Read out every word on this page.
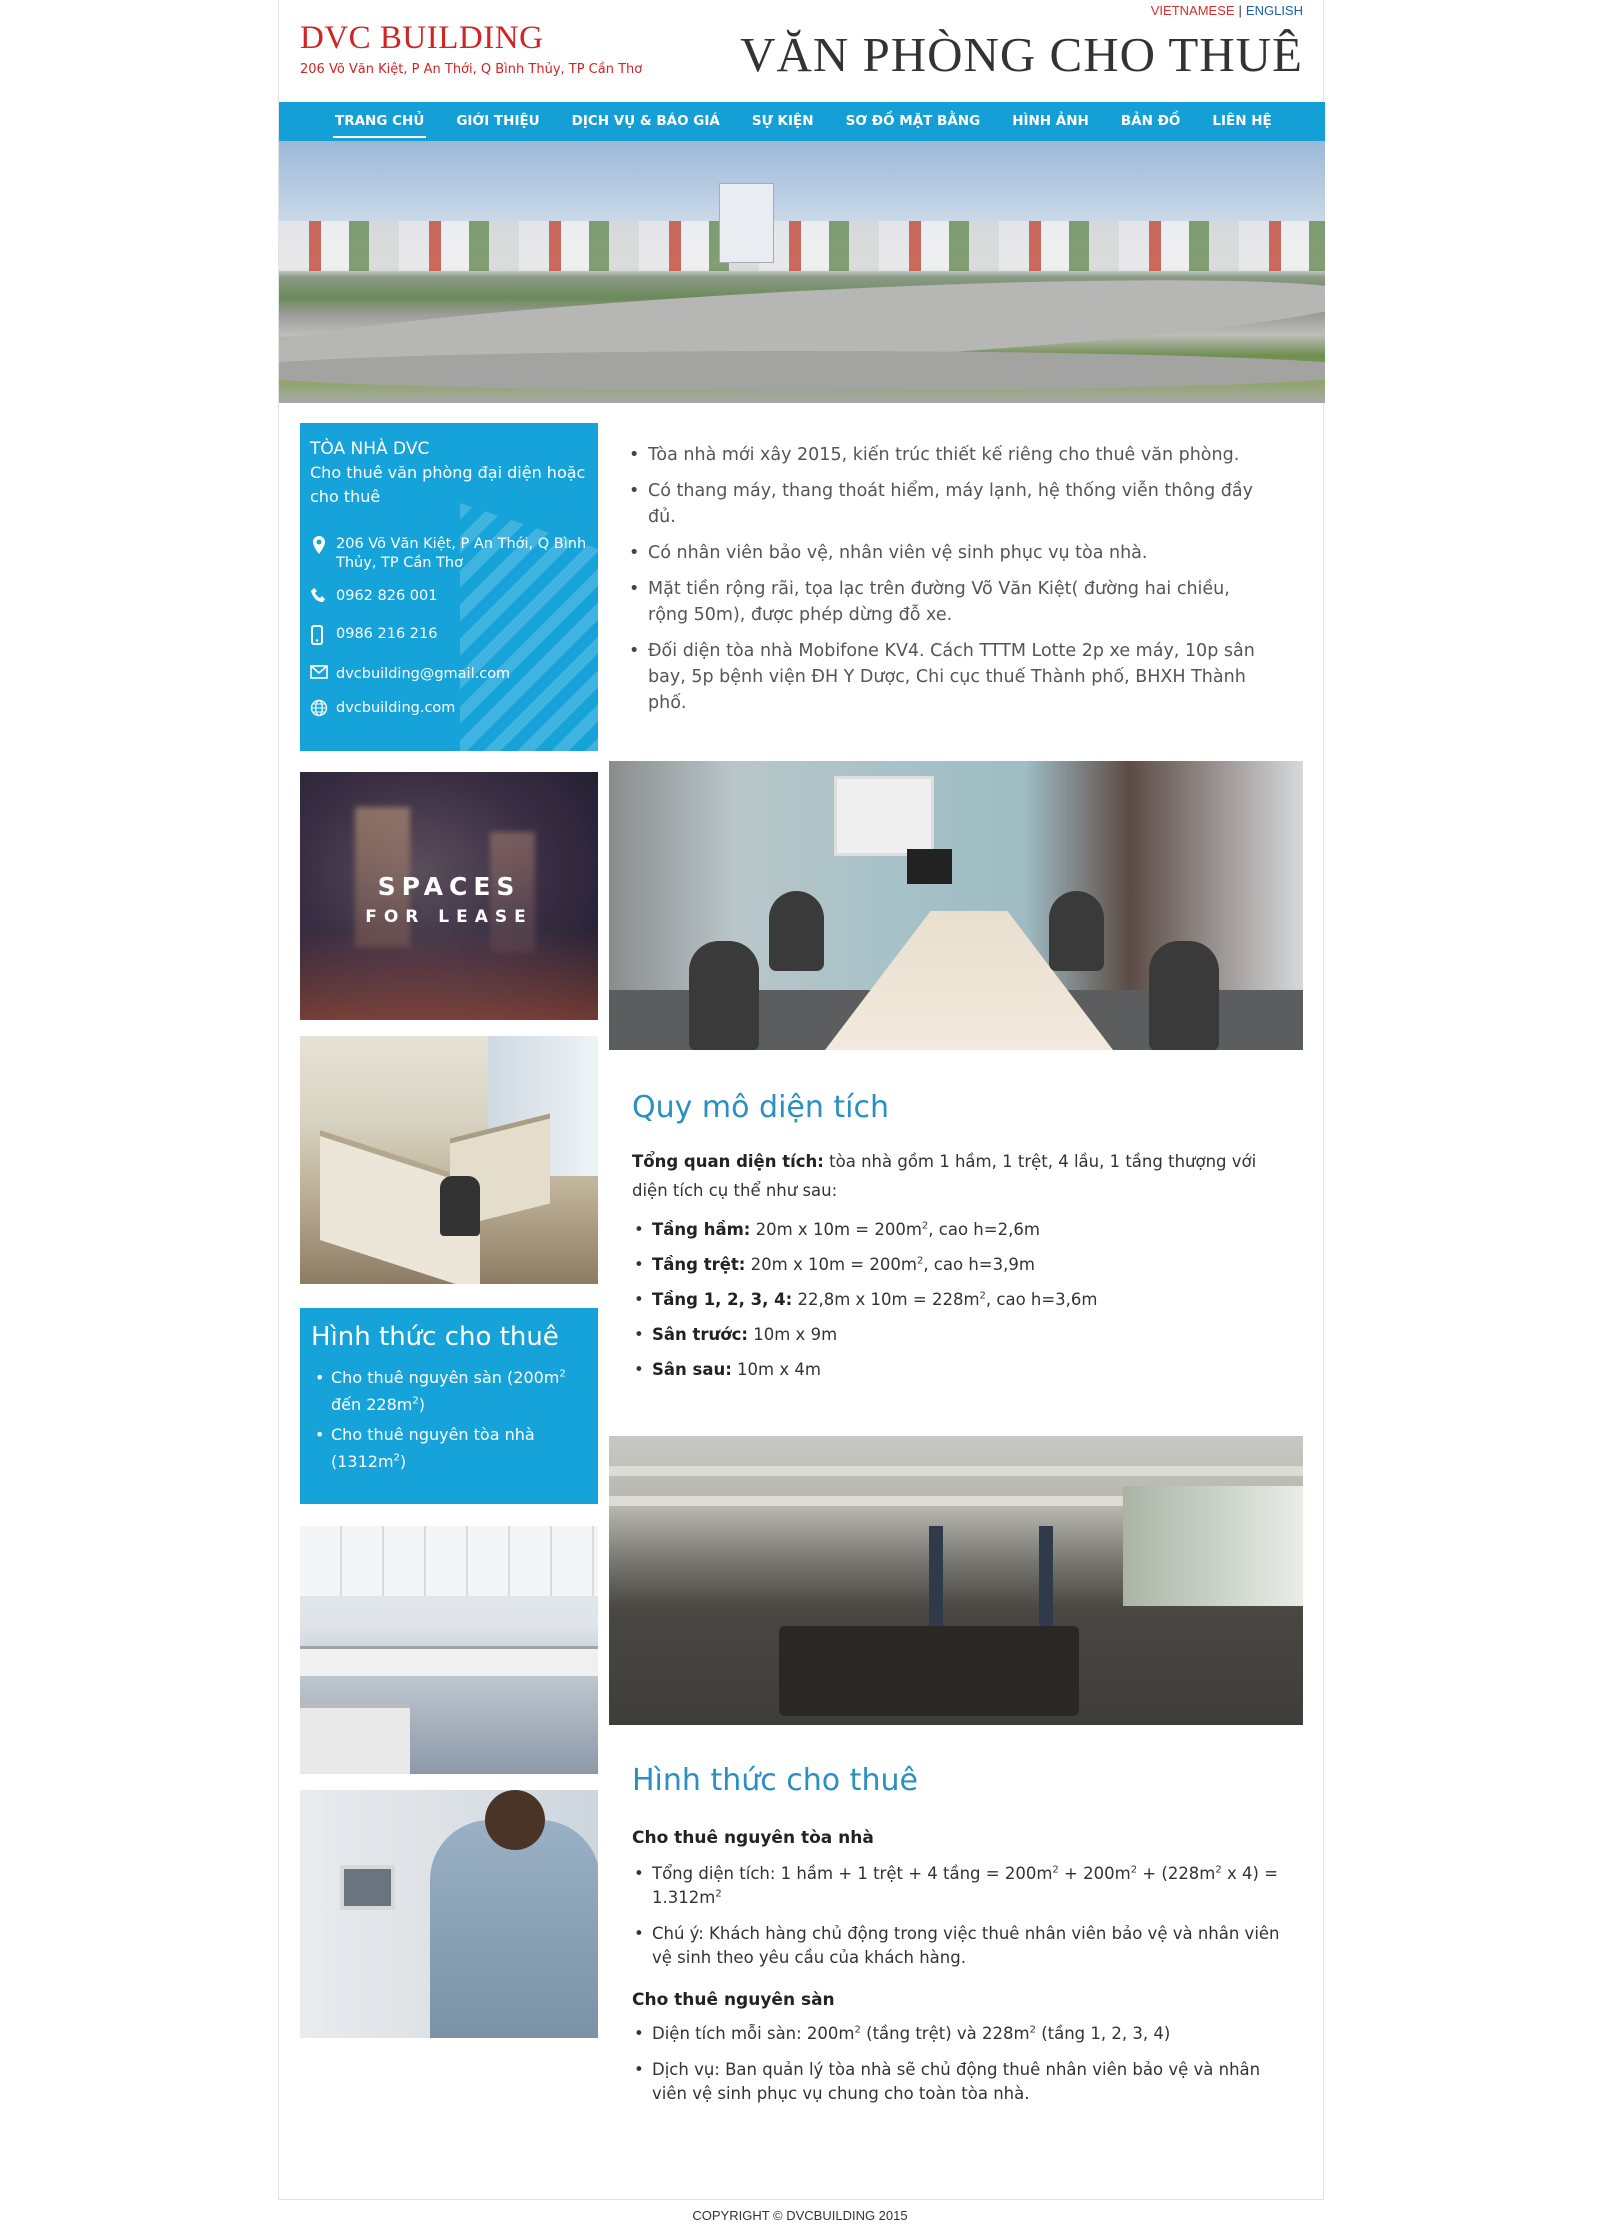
VIETNAMESE | ENGLISH
DVC BUILDING
206 Võ Văn Kiệt, P An Thới, Q Bình Thủy, TP Cần Thơ VĂN PHÒNG CHO THUÊ
TRANG CHỦ	GIỚI THIỆU	DỊCH VỤ & BÁO GIÁ	SỰ KIỆN	SƠ ĐỒ MẶT BẰNG	HÌNH ẢNH	BẢN ĐỒ	LIÊN HỆ
TÒA NHÀ DVC
Cho thuê văn phòng đại diện hoặc cho thuê
206 Võ Văn Kiệt, P An Thới, Q Bình Thủy, TP Cần Thơ
0962 826 001
0986 216 216
dvcbuilding@gmail.com
dvcbuilding.com
• Tòa nhà mới xây 2015, kiến trúc thiết kế riêng cho thuê văn phòng.
• Có thang máy, thang thoát hiểm, máy lạnh, hệ thống viễn thông đầy đủ.
• Có nhân viên bảo vệ, nhân viên vệ sinh phục vụ tòa nhà.
• Mặt tiền rộng rãi, tọa lạc trên đường Võ Văn Kiệt( đường hai chiều, rộng 50m), được phép dừng đỗ xe.
• Đối diện tòa nhà Mobifone KV4. Cách TTTM Lotte 2p xe máy, 10p sân bay, 5p bệnh viện ĐH Y Dược, Chi cục thuế Thành phố, BHXH Thành phố.
SPACES
FOR LEASE
Hình thức cho thuê
• Cho thuê nguyên sàn ($200m^2$ đến $228m^2$)
• Cho thuê nguyên tòa nhà $(1312m^2)$
Quy mô diện tích
Tổng quan diện tích: tòa nhà gồm 1 hầm, 1 trệt, 4 lầu, 1 tầng thượng với diện tích cụ thể như sau:
• Tầng hầm: 20m x $10m = 200m^2$, cao h=2,6m
• Tầng trệt: 20m x $10m = 200m^2$, cao h=3,9m
• Tầng 1, 2, 3, 4: 22,8m x $10m = 228m^2$, cao h=3,6m
• Sân trước: 10m x 9m
• Sân sau: 10m x 4m
Hình thức cho thuê
Cho thuê nguyên tòa nhà
• Tổng diện tích: 1 hầm + 1 trệt + 4 tầng = $200m^2 + 200m^2 + (228m^2$ x $4) = 1.312m^2$
• Chú ý: Khách hàng chủ động trong việc thuê nhân viên bảo vệ và nhân viên vệ sinh theo yêu cầu của khách hàng.
Cho thuê nguyên sàn
• Diện tích mỗi sàn: $200m^2$ (tầng trệt) và $228m^2$ (tầng 1, 2, 3, 4)
• Dịch vụ: Ban quản lý tòa nhà sẽ chủ động thuê nhân viên bảo vệ và nhân viên vệ sinh phục vụ chung cho toàn tòa nhà.
COPYRIGHT © DVCBUILDING 2015
